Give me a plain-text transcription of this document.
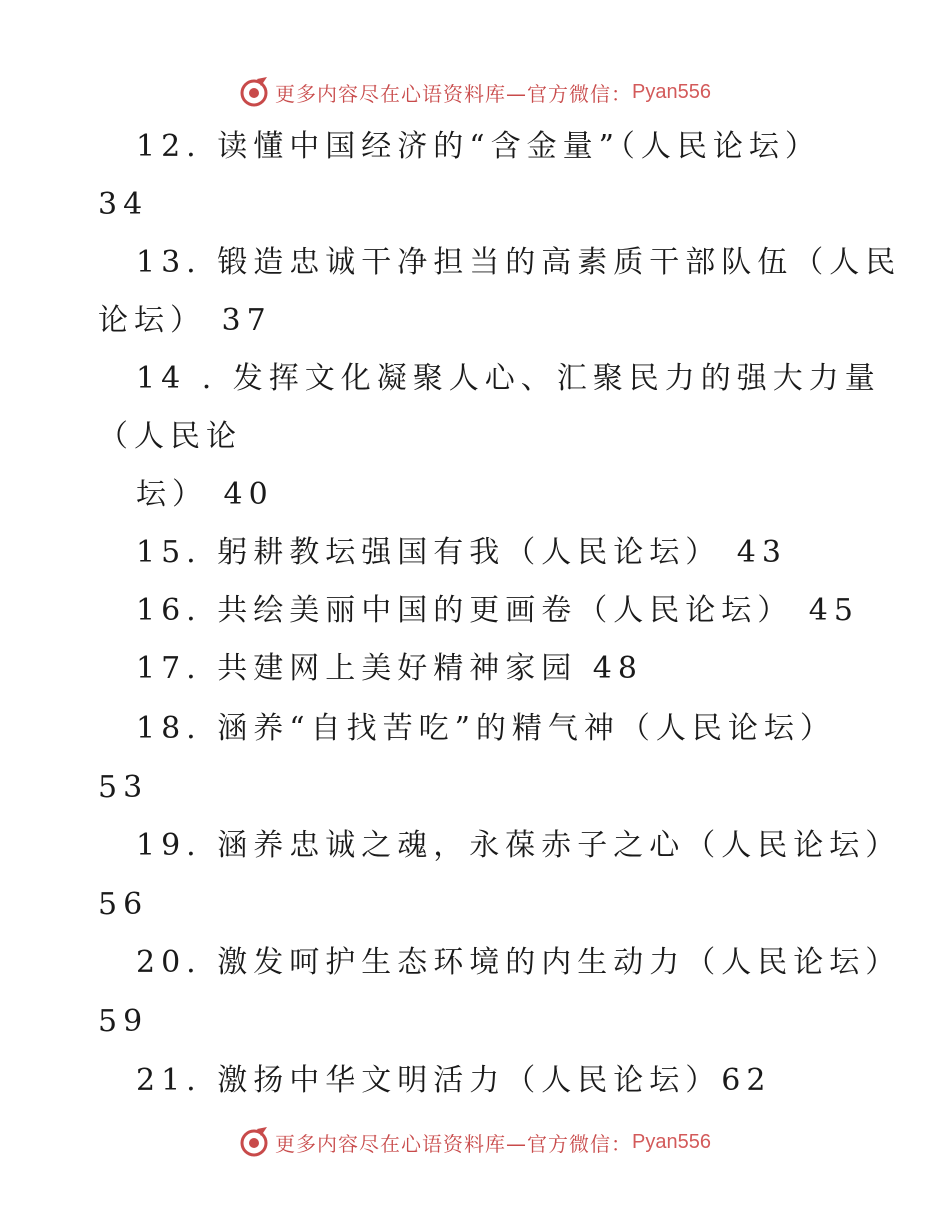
更多内容尽在心语资料库—官方微信： Pyan556
12. 读懂中国经济的“含金量”（人民论坛）
34
13. 锻造忠诚干净担当的高素质干部队伍（人民
论坛） 37
14 . 发挥文化凝聚人心、汇聚民力的强大力量
（人民论
坛） 40
15. 躬耕教坛强国有我（人民论坛） 43
16. 共绘美丽中国的更画卷（人民论坛） 45
17. 共建网上美好精神家园 48
18. 涵养“自找苦吃”的精气神（人民论坛）
53
19. 涵养忠诚之魂，永葆赤子之心（人民论坛）
56
20. 激发呵护生态环境的内生动力（人民论坛）
59
21. 激扬中华文明活力（人民论坛）62
更多内容尽在心语资料库—官方微信： Pyan556
